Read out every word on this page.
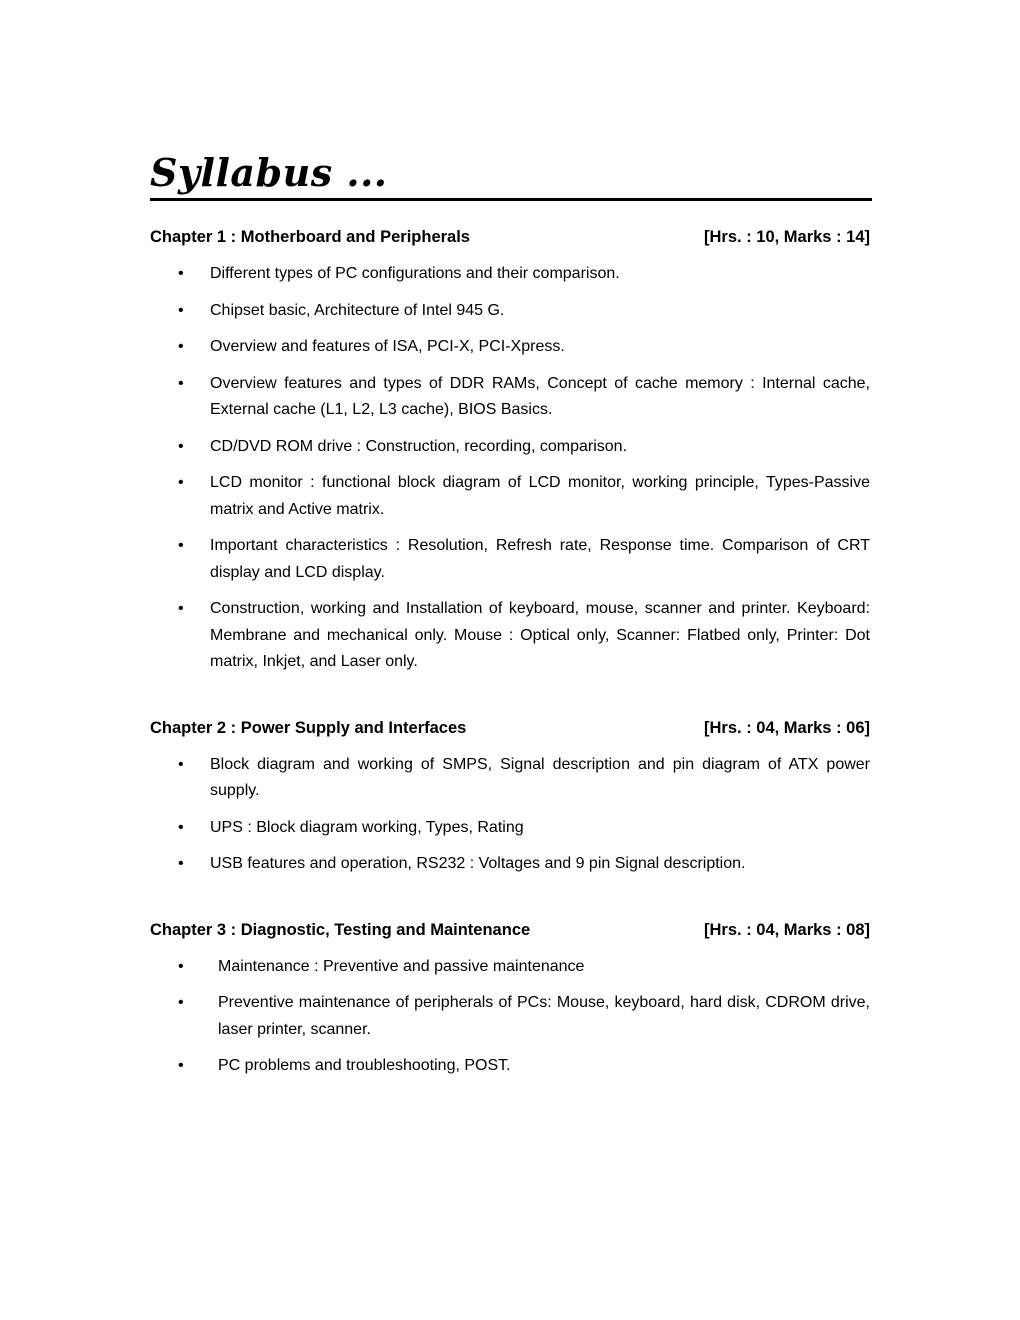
Syllabus ...
Chapter 1 : Motherboard and Peripherals	[Hrs. : 10, Marks : 14]
• Different types of PC configurations and their comparison.
• Chipset basic, Architecture of Intel 945 G.
• Overview and features of ISA, PCI-X, PCI-Xpress.
• Overview features and types of DDR RAMs, Concept of cache memory : Internal cache, External cache (L1, L2, L3 cache), BIOS Basics.
• CD/DVD ROM drive : Construction, recording, comparison.
• LCD monitor : functional block diagram of LCD monitor, working principle, Types-Passive matrix and Active matrix.
• Important characteristics : Resolution, Refresh rate, Response time. Comparison of CRT display and LCD display.
• Construction, working and Installation of keyboard, mouse, scanner and printer. Keyboard: Membrane and mechanical only. Mouse : Optical only, Scanner: Flatbed only, Printer: Dot matrix, Inkjet, and Laser only.
Chapter 2 : Power Supply and Interfaces	[Hrs. : 04, Marks : 06]
• Block diagram and working of SMPS, Signal description and pin diagram of ATX power supply.
• UPS : Block diagram working, Types, Rating
• USB features and operation, RS232 : Voltages and 9 pin Signal description.
Chapter 3 : Diagnostic, Testing and Maintenance	[Hrs. : 04, Marks : 08]
• Maintenance : Preventive and passive maintenance
• Preventive maintenance of peripherals of PCs: Mouse, keyboard, hard disk, CDROM drive, laser printer, scanner.
• PC problems and troubleshooting, POST.
